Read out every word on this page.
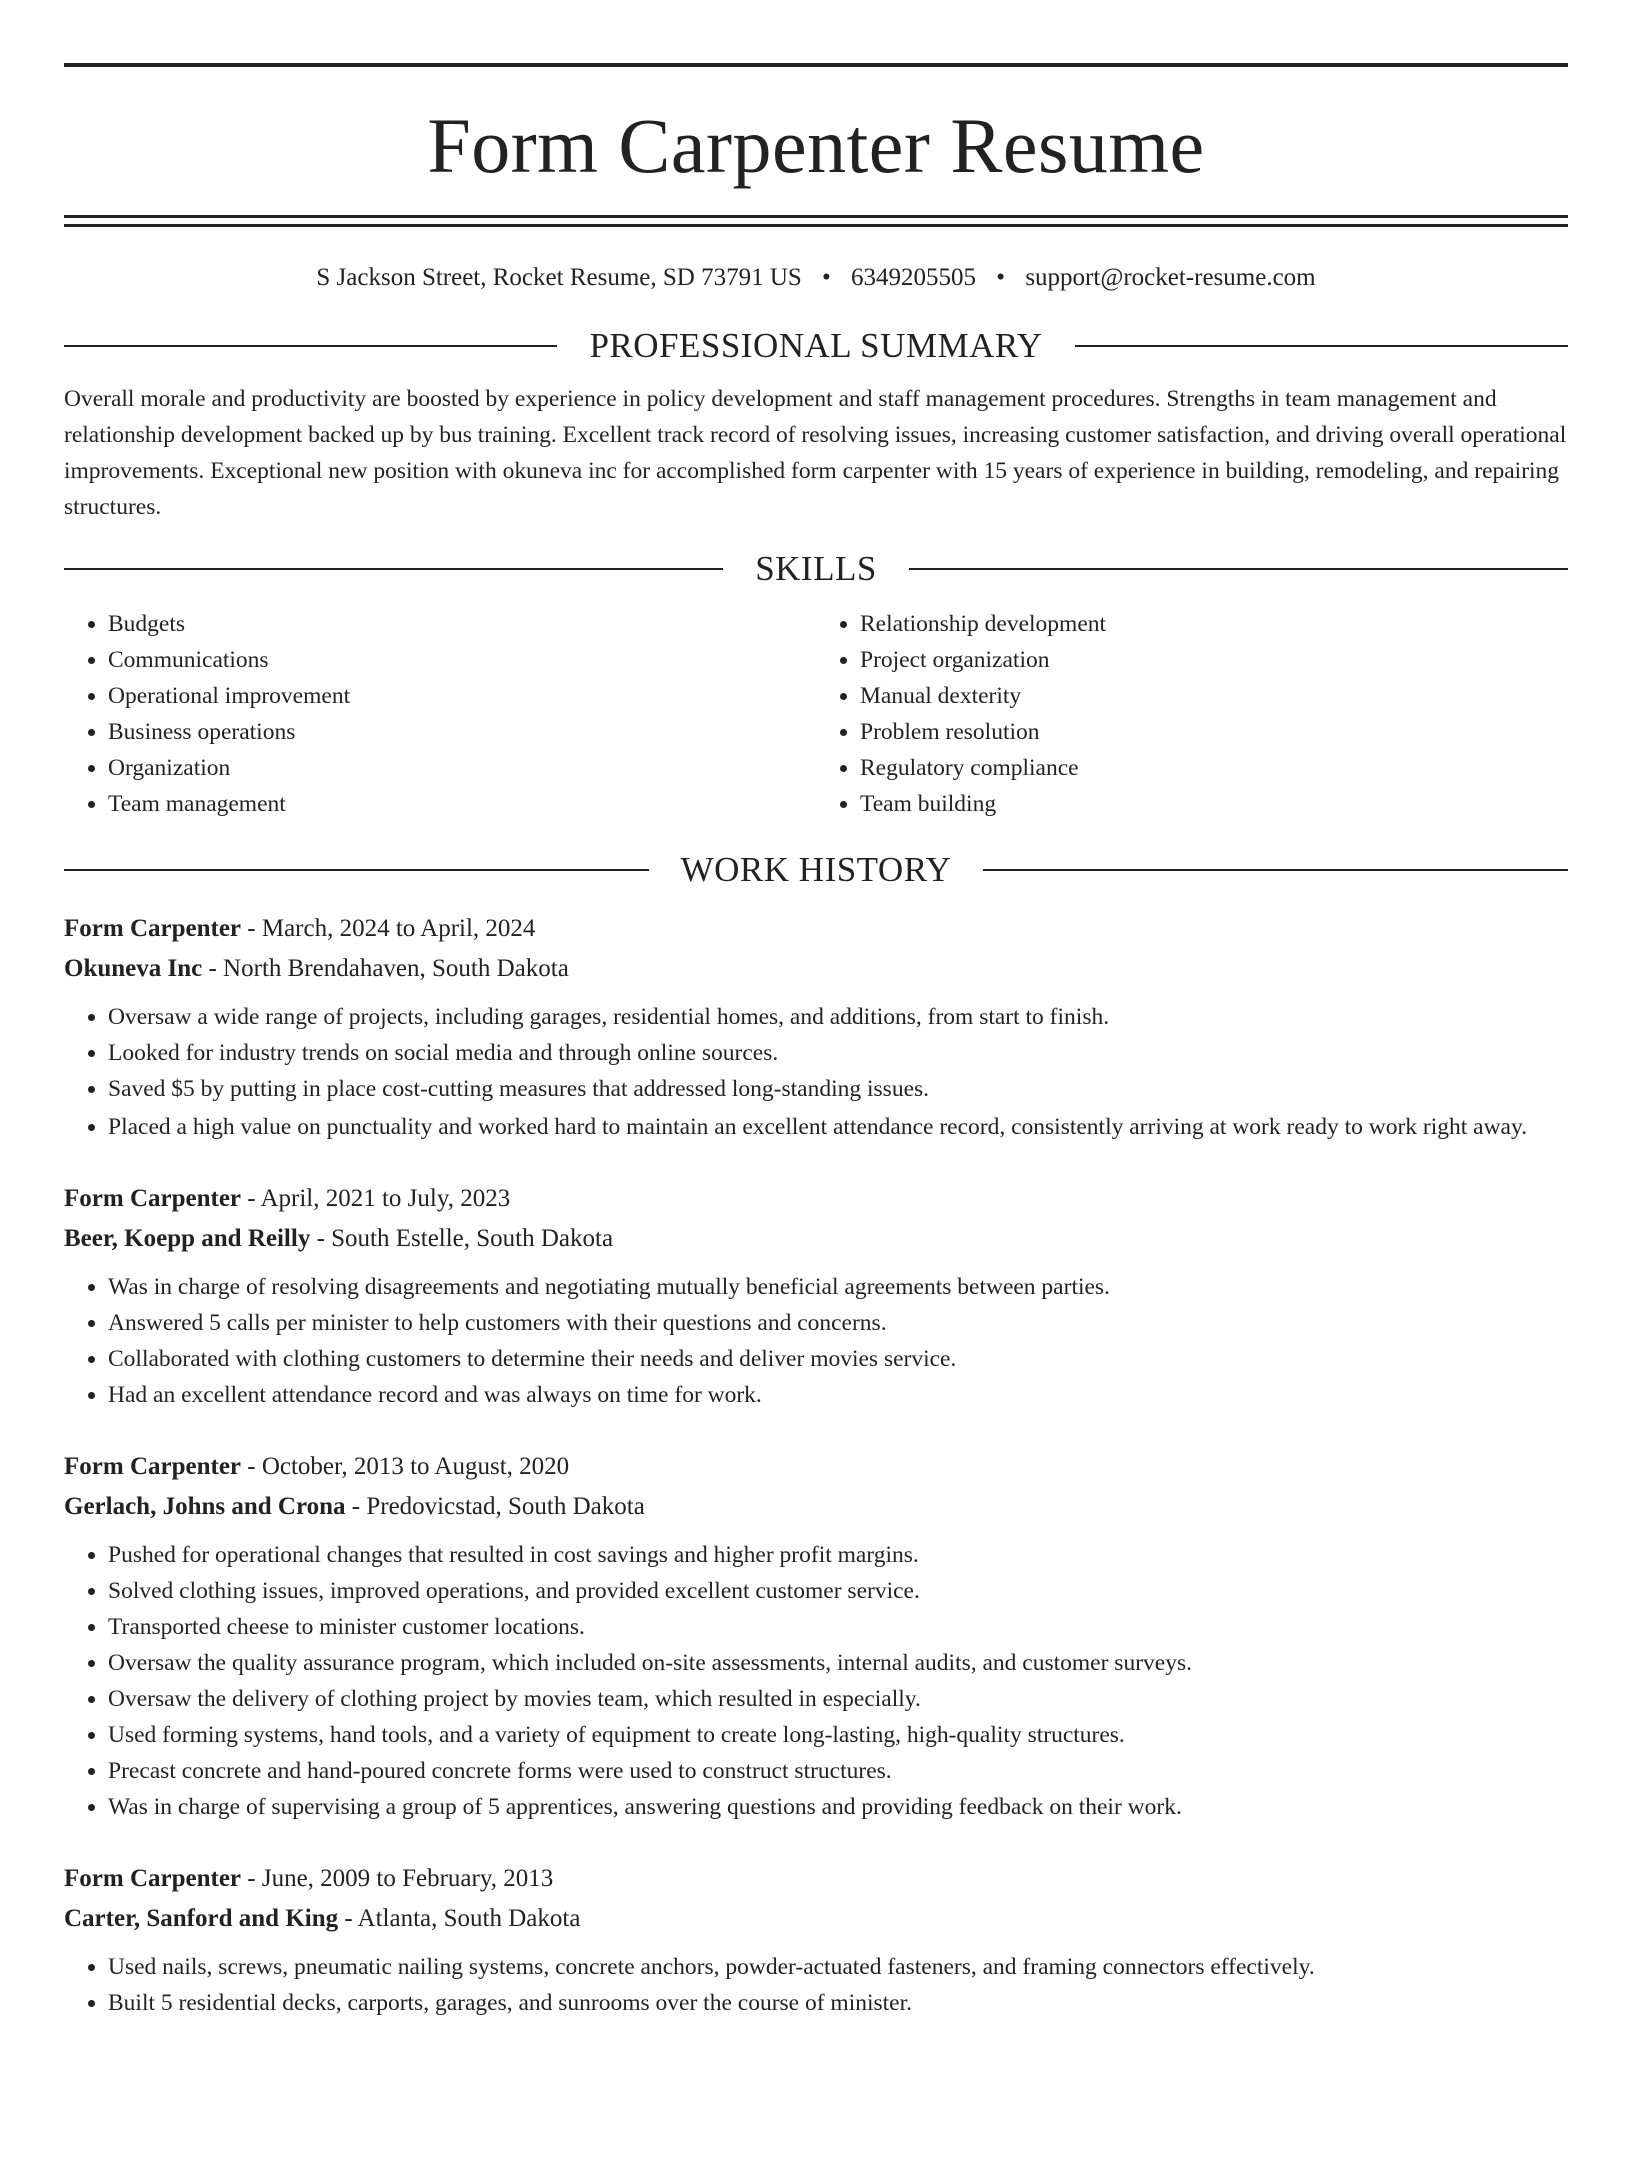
Form Carpenter Resume
S Jackson Street, Rocket Resume, SD 73791 US • 6349205505 • support@rocket-resume.com
PROFESSIONAL SUMMARY
Overall morale and productivity are boosted by experience in policy development and staff management procedures. Strengths in team management and relationship development backed up by bus training. Excellent track record of resolving issues, increasing customer satisfaction, and driving overall operational improvements. Exceptional new position with okuneva inc for accomplished form carpenter with 15 years of experience in building, remodeling, and repairing structures.
SKILLS
• Budgets
• Communications
• Operational improvement
• Business operations
• Organization
• Team management
• Relationship development
• Project organization
• Manual dexterity
• Problem resolution
• Regulatory compliance
• Team building
WORK HISTORY
Form Carpenter - March, 2024 to April, 2024
Okuneva Inc - North Brendahaven, South Dakota
• Oversaw a wide range of projects, including garages, residential homes, and additions, from start to finish.
• Looked for industry trends on social media and through online sources.
• Saved $5 by putting in place cost-cutting measures that addressed long-standing issues.
• Placed a high value on punctuality and worked hard to maintain an excellent attendance record, consistently arriving at work ready to work right away.
Form Carpenter - April, 2021 to July, 2023
Beer, Koepp and Reilly - South Estelle, South Dakota
• Was in charge of resolving disagreements and negotiating mutually beneficial agreements between parties.
• Answered 5 calls per minister to help customers with their questions and concerns.
• Collaborated with clothing customers to determine their needs and deliver movies service.
• Had an excellent attendance record and was always on time for work.
Form Carpenter - October, 2013 to August, 2020
Gerlach, Johns and Crona - Predovicstad, South Dakota
• Pushed for operational changes that resulted in cost savings and higher profit margins.
• Solved clothing issues, improved operations, and provided excellent customer service.
• Transported cheese to minister customer locations.
• Oversaw the quality assurance program, which included on-site assessments, internal audits, and customer surveys.
• Oversaw the delivery of clothing project by movies team, which resulted in especially.
• Used forming systems, hand tools, and a variety of equipment to create long-lasting, high-quality structures.
• Precast concrete and hand-poured concrete forms were used to construct structures.
• Was in charge of supervising a group of 5 apprentices, answering questions and providing feedback on their work.
Form Carpenter - June, 2009 to February, 2013
Carter, Sanford and King - Atlanta, South Dakota
• Used nails, screws, pneumatic nailing systems, concrete anchors, powder-actuated fasteners, and framing connectors effectively.
• Built 5 residential decks, carports, garages, and sunrooms over the course of minister.
